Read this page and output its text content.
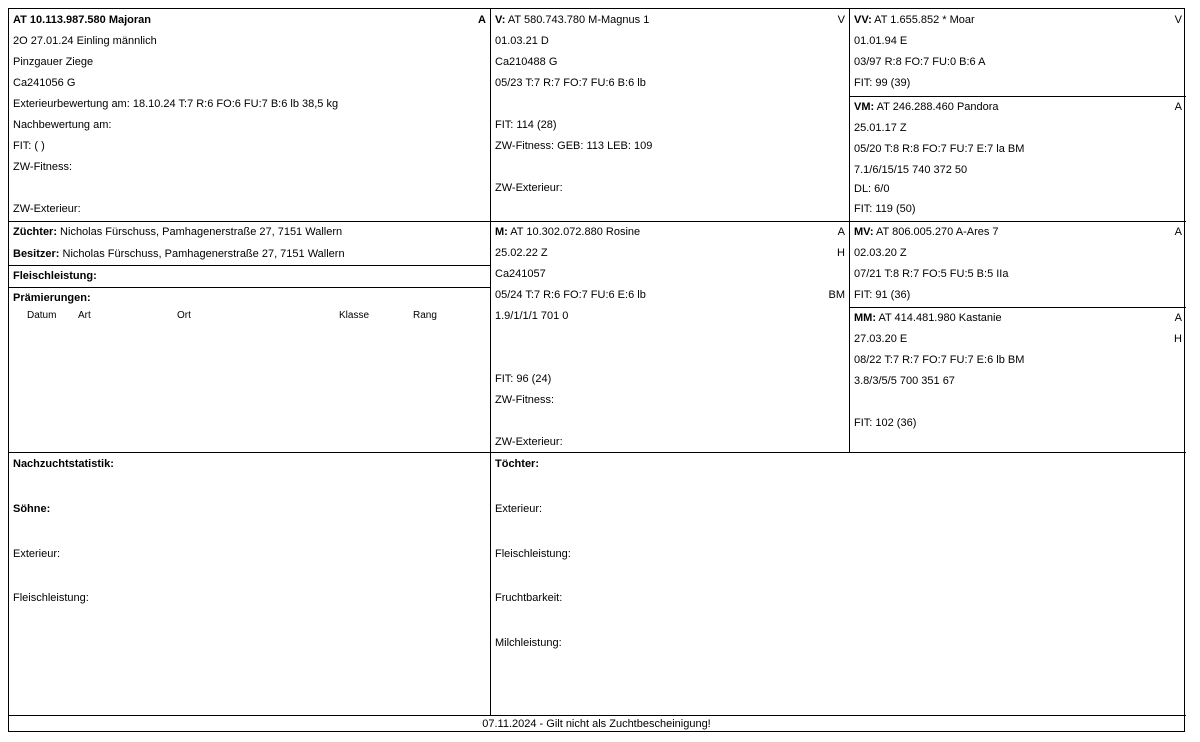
AT 10.113.987.580 Majoran	A
2O 27.01.24 Einling männlich
Pinzgauer Ziege
Ca241056 G
Exterieurbewertung am: 18.10.24 T:7 R:6 FO:6 FU:7 B:6 lb 38,5 kg
Nachbewertung am:
FIT: ( )
ZW-Fitness:
ZW-Exterieur:
Züchter: Nicholas Fürschuss, Pamhagenerstraße 27, 7151 Wallern
Besitzer: Nicholas Fürschuss, Pamhagenerstraße 27, 7151 Wallern
Fleischleistung:
Prämierungen:
Datum Art	Ort	Klasse	Rang
V: AT 580.743.780 M-Magnus 1	V
01.03.21 D
Ca210488 G
05/23 T:7 R:7 FO:7 FU:6 B:6 lb
FIT: 114 (28)
ZW-Fitness: GEB: 113 LEB: 109
ZW-Exterieur:
M: AT 10.302.072.880 Rosine	A
25.02.22 Z	H
Ca241057
05/24 T:7 R:6 FO:7 FU:6 E:6 lb	BM
1.9/1/1/1 701 0
FIT: 96 (24)
ZW-Fitness:
ZW-Exterieur:
VV: AT 1.655.852 * Moar	V
01.01.94 E
03/97 R:8 FO:7 FU:0 B:6 A
FIT: 99 (39)
VM: AT 246.288.460 Pandora	A
25.01.17 Z
05/20 T:8 R:8 FO:7 FU:7 E:7 la BM
7.1/6/15/15 740 372 50
DL: 6/0
FIT: 119 (50)
MV: AT 806.005.270 A-Ares 7	A
02.03.20 Z
07/21 T:8 R:7 FO:5 FU:5 B:5 IIa
FIT: 91 (36)
MM: AT 414.481.980 Kastanie	A
27.03.20 E	H
08/22 T:7 R:7 FO:7 FU:7 E:6 lb BM
3.8/3/5/5 700 351 67
FIT: 102 (36)
Nachzuchtstatistik:
Söhne:
Exterieur:
Fleischleistung:
Töchter:
Exterieur:
Fleischleistung:
Fruchtbarkeit:
Milchleistung:
07.11.2024 - Gilt nicht als Zuchtbescheinigung!
